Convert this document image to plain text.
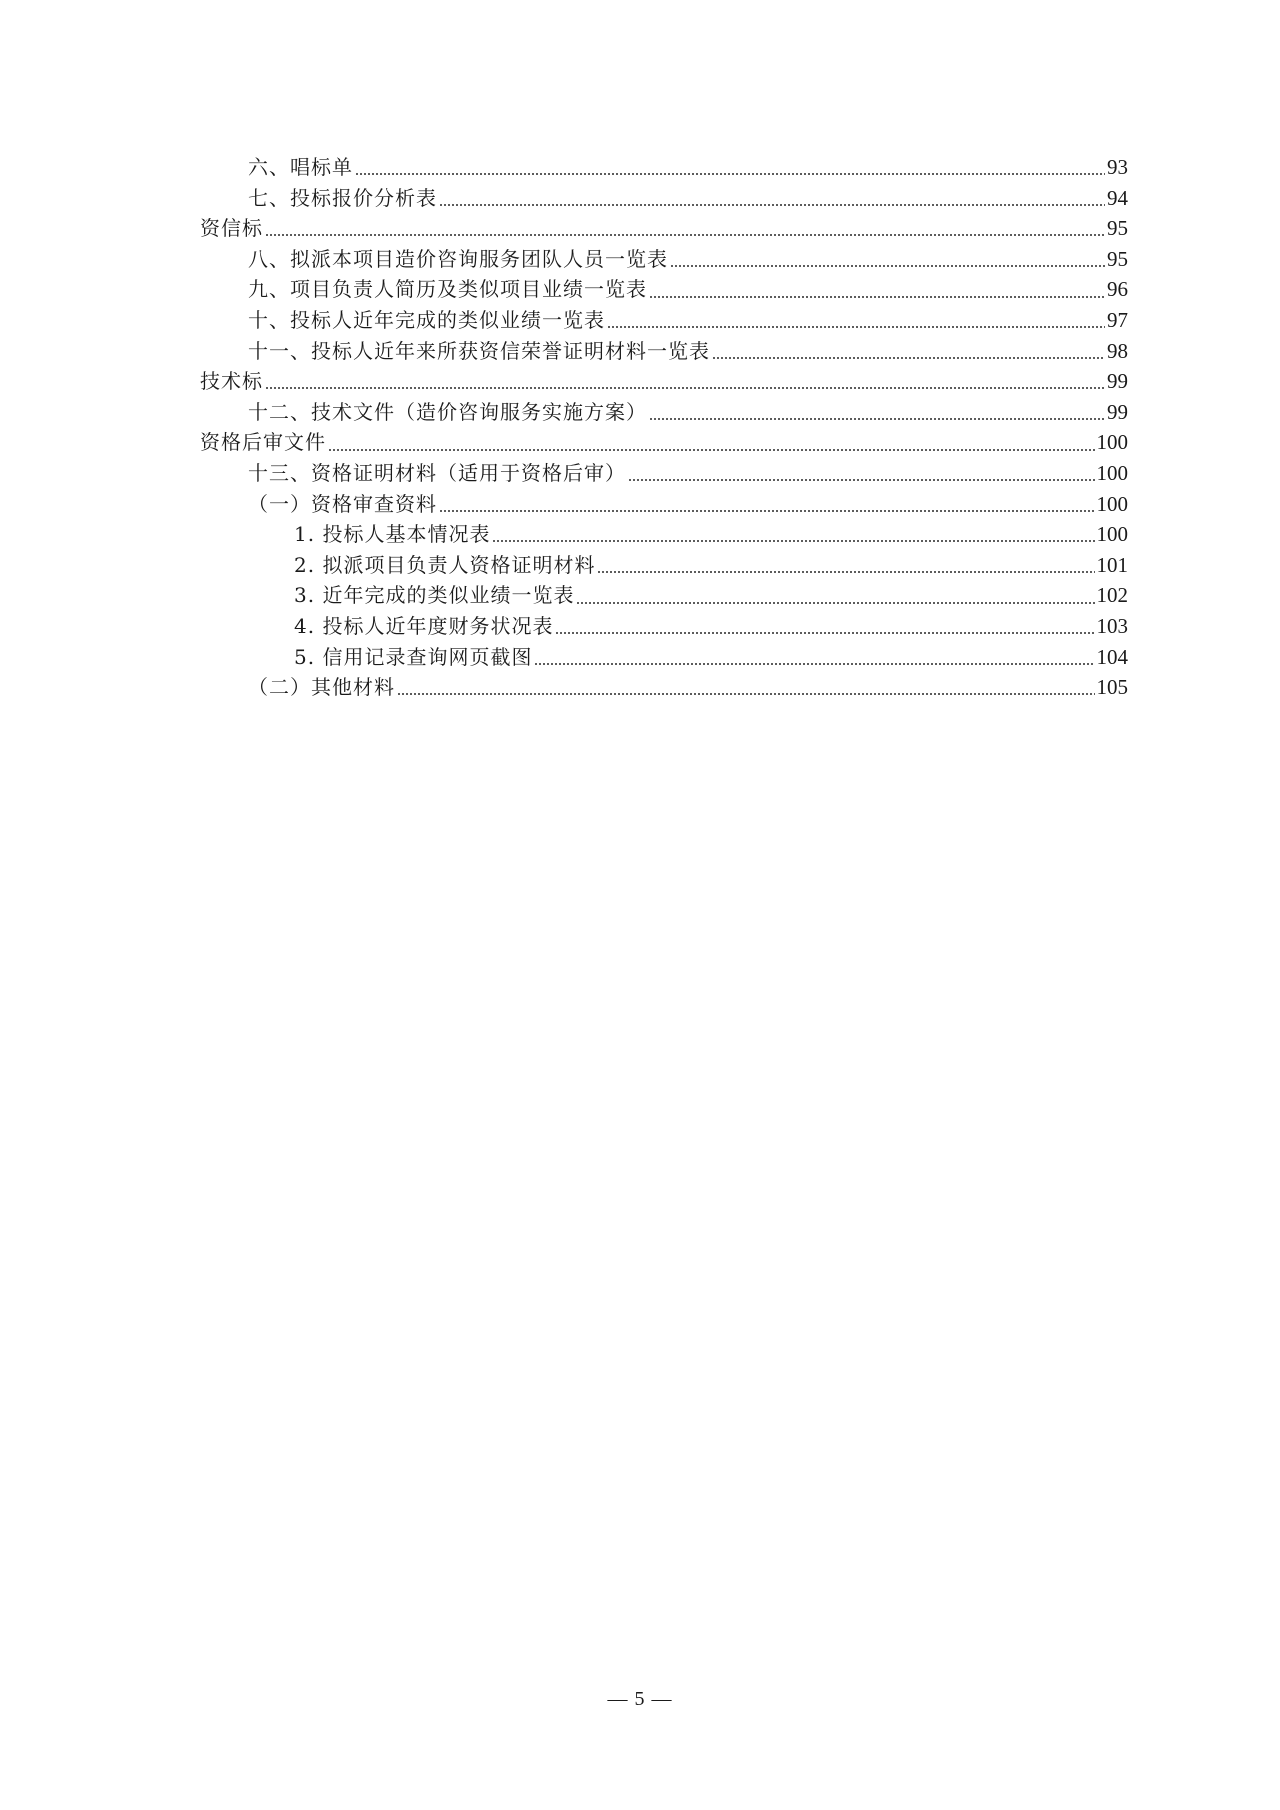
六、唱标单	93
七、投标报价分析表	94
资信标	95
八、拟派本项目造价咨询服务团队人员一览表	95
九、项目负责人简历及类似项目业绩一览表	96
十、投标人近年完成的类似业绩一览表	97
十一、投标人近年来所获资信荣誉证明材料一览表	98
技术标	99
十二、技术文件（造价咨询服务实施方案）	99
资格后审文件	100
十三、资格证明材料（适用于资格后审）	100
（一）资格审查资料	100
1. 投标人基本情况表	100
2. 拟派项目负责人资格证明材料	101
3. 近年完成的类似业绩一览表	102
4. 投标人近年度财务状况表	103
5. 信用记录查询网页截图	104
（二）其他材料	105
— 5 —
